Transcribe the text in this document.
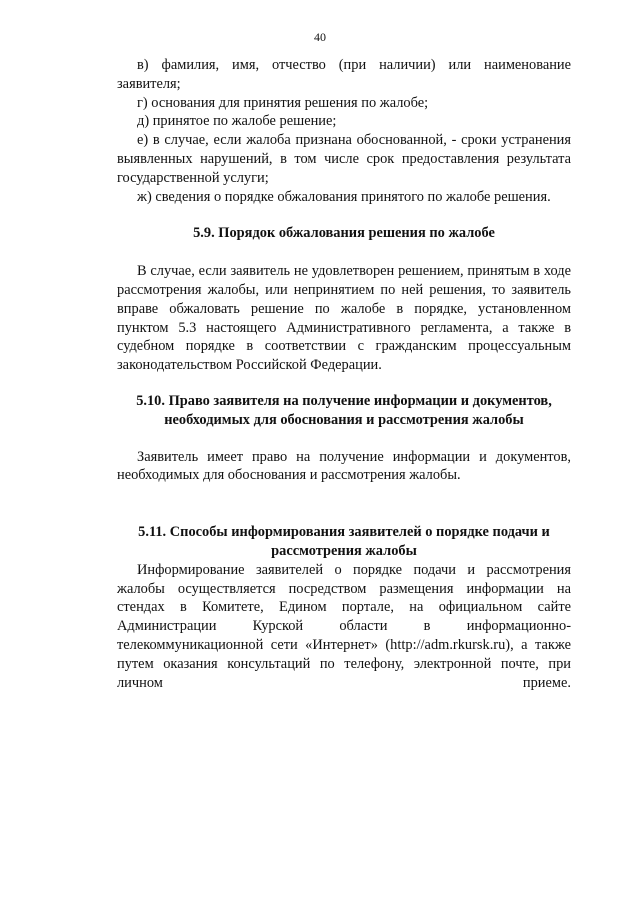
40

в) фамилия, имя, отчество (при наличии) или наименование заявителя;

г) основания для принятия решения по жалобе;

д) принятое по жалобе решение;

е) в случае, если жалоба признана обоснованной, - сроки устранения выявленных нарушений, в том числе срок предоставления результата государственной услуги;

ж) сведения о порядке обжалования принятого по жалобе решения.

5.9. Порядок обжалования решения по жалобе

В случае, если заявитель не удовлетворен решением, принятым в ходе рассмотрения жалобы, или непринятием по ней решения, то заявитель вправе обжаловать решение по жалобе в порядке, установленном пунктом 5.3 настоящего Административного регламента, а также в судебном порядке в соответствии с гражданским процессуальным законодательством Российской Федерации.

5.10. Право заявителя на получение информации и документов,
необходимых для обоснования и рассмотрения жалобы

Заявитель имеет право на получение информации и документов, необходимых для обоснования и рассмотрения жалобы.

5.11. Способы информирования заявителей о порядке подачи и
рассмотрения жалобы

Информирование заявителей о порядке подачи и рассмотрения жалобы осуществляется посредством размещения информации на стендах в Комитете, Едином портале, на официальном сайте Администрации Курской области в информационно-телекоммуникационной сети «Интернет» (http://adm.rkursk.ru), а также путем оказания консультаций по телефону, электронной почте, при личном приеме.
